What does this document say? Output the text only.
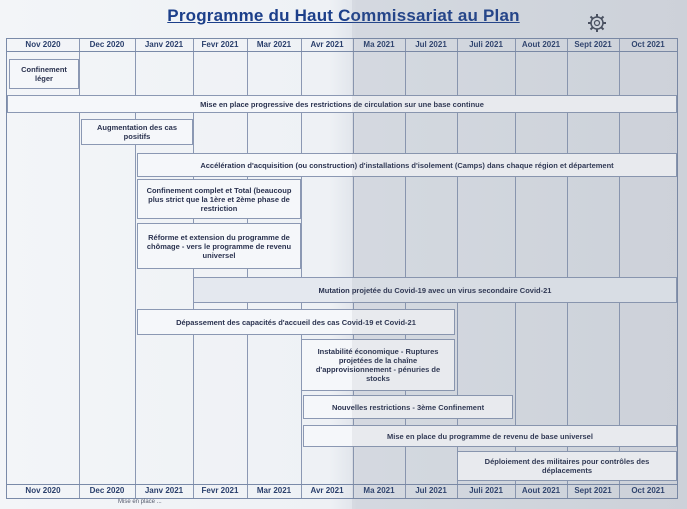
Programme du Haut Commissariat au Plan
Nov 2020	Dec 2020	Janv 2021	Fevr 2021	Mar 2021	Avr 2021	Ma 2021	Jul 2021	Juli 2021	Aout 2021	Sept 2021	Oct 2021
Nov 2020	Dec 2020	Janv 2021	Fevr 2021	Mar 2021	Avr 2021	Ma 2021	Jul 2021	Juli 2021	Aout 2021	Sept 2021	Oct 2021
Confinement léger
Mise en place progressive des restrictions de circulation sur une base continue
Augmentation des cas positifs
Accélération d'acquisition (ou construction) d'installations d'isolement (Camps) dans chaque région et département
Confinement complet et Total (beaucoup plus strict que la 1ère et 2ème phase de restriction
Réforme et extension du programme de chômage - vers le programme de revenu universel
Mutation projetée du Covid-19 avec un virus secondaire Covid-21
Dépassement des capacités d'accueil des cas Covid-19 et Covid-21
Instabilité économique - Ruptures projetées de la chaîne d'approvisionnement - pénuries de stocks
Nouvelles restrictions - 3ème Confinement
Mise en place du programme de revenu de base universel
Déploiement des militaires pour contrôles des déplacements
Mise en place ...
